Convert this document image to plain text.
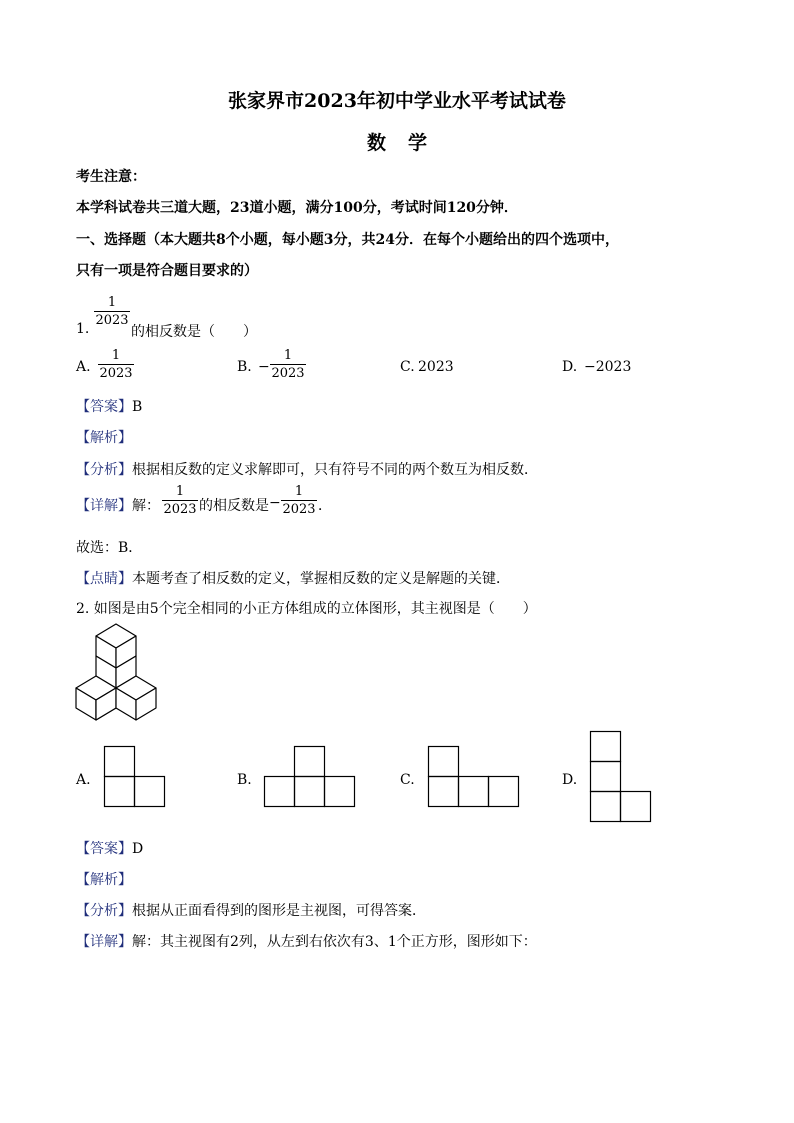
张家界市2023年初中学业水平考试试卷
数学
考生注意：
本学科试卷共三道大题，23道小题，满分100分，考试时间120分钟．
一、选择题（本大题共8个小题，每小题3分，共24分．在每个小题给出的四个选项中，
只有一项是符合题目要求的）
1.
1
2023
的相反数是（　　）
A.
1
2023	B. −
1
2023	C. 2023	D. −2023
【答案】B
【解析】
【分析】根据相反数的定义求解即可，只有符号不同的两个数互为相反数．
【详解】解：
1
2023 的相反数是 −
1
2023 ．
故选：B．
【点睛】本题考查了相反数的定义，掌握相反数的定义是解题的关键．
2. 如图是由5个完全相同的小正方体组成的立体图形，其主视图是（　　）
A.	B.	C.	D.
【答案】D
【解析】
【分析】根据从正面看得到的图形是主视图，可得答案．
【详解】解：其主视图有2列，从左到右依次有3、1个正方形，图形如下：
